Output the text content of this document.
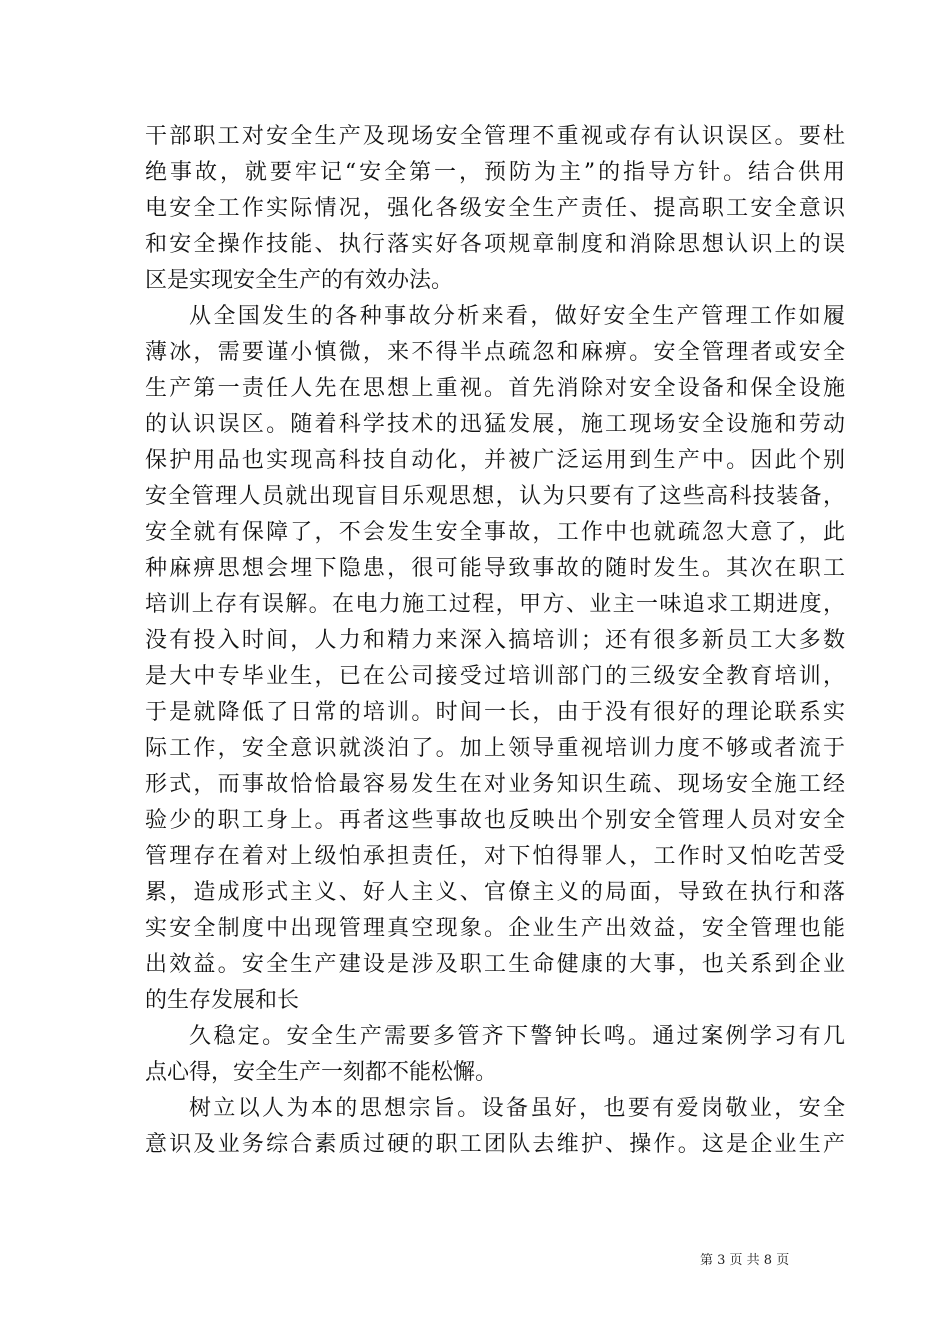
干部职工对安全生产及现场安全管理不重视或存有认识误区。要杜
绝事故，就要牢记“安全第一，预防为主”的指导方针。结合供用
电安全工作实际情况，强化各级安全生产责任、提高职工安全意识
和安全操作技能、执行落实好各项规章制度和消除思想认识上的误
区是实现安全生产的有效办法。
从全国发生的各种事故分析来看，做好安全生产管理工作如履
薄冰，需要谨小慎微，来不得半点疏忽和麻痹。安全管理者或安全
生产第一责任人先在思想上重视。首先消除对安全设备和保全设施
的认识误区。随着科学技术的迅猛发展，施工现场安全设施和劳动
保护用品也实现高科技自动化，并被广泛运用到生产中。因此个别
安全管理人员就出现盲目乐观思想，认为只要有了这些高科技装备，
安全就有保障了，不会发生安全事故，工作中也就疏忽大意了，此
种麻痹思想会埋下隐患，很可能导致事故的随时发生。其次在职工
培训上存有误解。在电力施工过程，甲方、业主一味追求工期进度，
没有投入时间，人力和精力来深入搞培训；还有很多新员工大多数
是大中专毕业生，已在公司接受过培训部门的三级安全教育培训，
于是就降低了日常的培训。时间一长，由于没有很好的理论联系实
际工作，安全意识就淡泊了。加上领导重视培训力度不够或者流于
形式，而事故恰恰最容易发生在对业务知识生疏、现场安全施工经
验少的职工身上。再者这些事故也反映出个别安全管理人员对安全
管理存在着对上级怕承担责任，对下怕得罪人，工作时又怕吃苦受
累，造成形式主义、好人主义、官僚主义的局面，导致在执行和落
实安全制度中出现管理真空现象。企业生产出效益，安全管理也能
出效益。安全生产建设是涉及职工生命健康的大事，也关系到企业
的生存发展和长
久稳定。安全生产需要多管齐下警钟长鸣。通过案例学习有几
点心得，安全生产一刻都不能松懈。
树立以人为本的思想宗旨。设备虽好，也要有爱岗敬业，安全
意识及业务综合素质过硬的职工团队去维护、操作。这是企业生产
第 3 页 共 8 页
